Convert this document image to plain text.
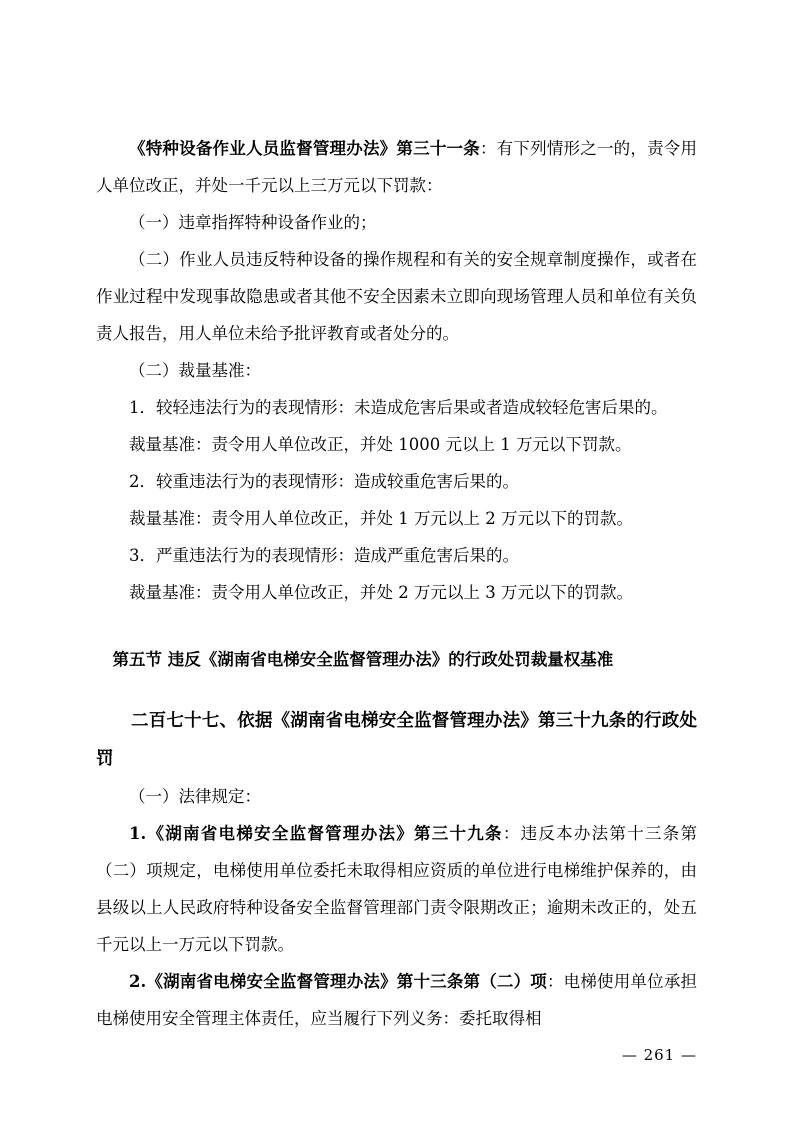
《特种设备作业人员监督管理办法》第三十一条：有下列情形之一的，责令用人单位改正，并处一千元以上三万元以下罚款：

（一）违章指挥特种设备作业的；

（二）作业人员违反特种设备的操作规程和有关的安全规章制度操作，或者在作业过程中发现事故隐患或者其他不安全因素未立即向现场管理人员和单位有关负责人报告，用人单位未给予批评教育或者处分的。

（二）裁量基准：

1．较轻违法行为的表现情形：未造成危害后果或者造成较轻危害后果的。

裁量基准：责令用人单位改正，并处 1000 元以上 1 万元以下罚款。

2．较重违法行为的表现情形：造成较重危害后果的。

裁量基准：责令用人单位改正，并处 1 万元以上 2 万元以下的罚款。

3．严重违法行为的表现情形：造成严重危害后果的。

裁量基准：责令用人单位改正，并处 2 万元以上 3 万元以下的罚款。

第五节 违反《湖南省电梯安全监督管理办法》的行政处罚裁量权基准

二百七十七、依据《湖南省电梯安全监督管理办法》第三十九条的行政处罚

（一）法律规定：

1.《湖南省电梯安全监督管理办法》第三十九条：违反本办法第十三条第（二）项规定，电梯使用单位委托未取得相应资质的单位进行电梯维护保养的，由县级以上人民政府特种设备安全监督管理部门责令限期改正；逾期未改正的，处五千元以上一万元以下罚款。

2.《湖南省电梯安全监督管理办法》第十三条第（二）项：电梯使用单位承担电梯使用安全管理主体责任，应当履行下列义务：委托取得相

— 261 —
